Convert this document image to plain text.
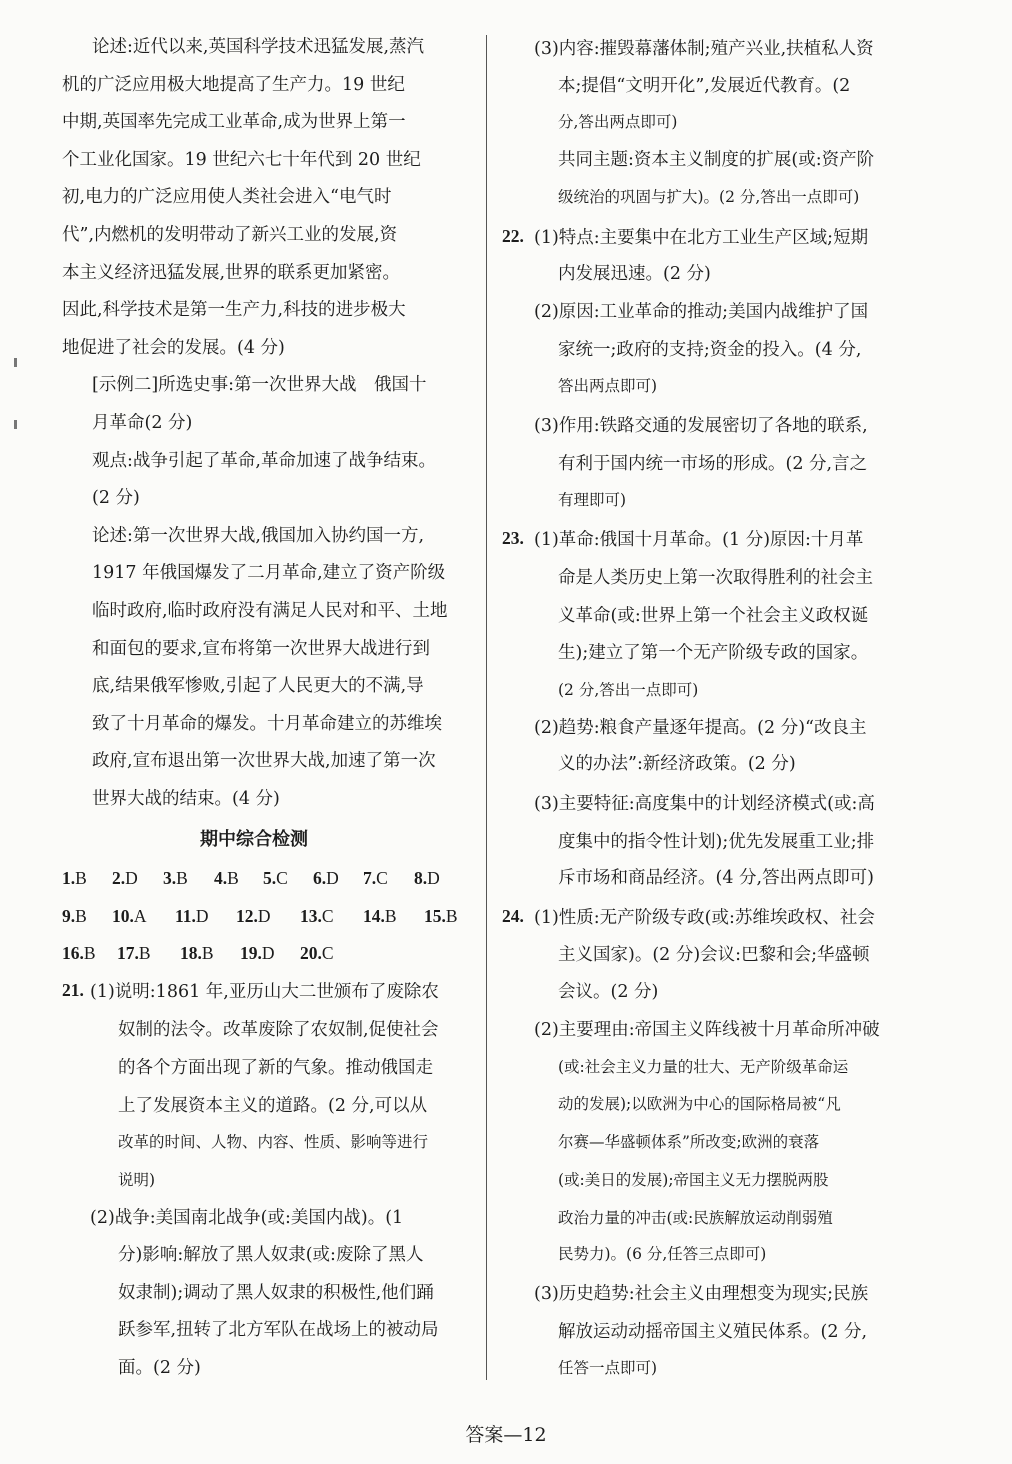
答案—12
论述:近代以来,英国科学技术迅猛发展,蒸汽
机的广泛应用极大地提高了生产力。19 世纪
中期,英国率先完成工业革命,成为世界上第一
个工业化国家。19 世纪六七十年代到 20 世纪
初,电力的广泛应用使人类社会进入“电气时
代”,内燃机的发明带动了新兴工业的发展,资
本主义经济迅猛发展,世界的联系更加紧密。
因此,科学技术是第一生产力,科技的进步极大
地促进了社会的发展。(4 分)
[示例二]所选史事:第一次世界大战　俄国十
月革命(2 分)
观点:战争引起了革命,革命加速了战争结束。
(2 分)
论述:第一次世界大战,俄国加入协约国一方,
1917 年俄国爆发了二月革命,建立了资产阶级
临时政府,临时政府没有满足人民对和平、土地
和面包的要求,宣布将第一次世界大战进行到
底,结果俄军惨败,引起了人民更大的不满,导
致了十月革命的爆发。十月革命建立的苏维埃
政府,宣布退出第一次世界大战,加速了第一次
世界大战的结束。(4 分)
期中综合检测
1.B 2.D 3.B 4.B 5.C 6.D 7.C 8.D
9.B 10.A 11.D 12.D 13.C 14.B 15.B
16.B 17.B 18.B 19.D 20.C
21. (1)说明:1861 年,亚历山大二世颁布了废除农
奴制的法令。改革废除了农奴制,促使社会
的各个方面出现了新的气象。推动俄国走
上了发展资本主义的道路。(2 分,可以从
改革的时间、人物、内容、性质、影响等进行
说明)
(2)战争:美国南北战争(或:美国内战)。(1
分)影响:解放了黑人奴隶(或:废除了黑人
奴隶制);调动了黑人奴隶的积极性,他们踊
跃参军,扭转了北方军队在战场上的被动局
面。(2 分)
(3)内容:摧毁幕藩体制;殖产兴业,扶植私人资
本;提倡“文明开化”,发展近代教育。(2
分,答出两点即可)
共同主题:资本主义制度的扩展(或:资产阶
级统治的巩固与扩大)。(2 分,答出一点即可)
22. (1)特点:主要集中在北方工业生产区域;短期
内发展迅速。(2 分)
(2)原因:工业革命的推动;美国内战维护了国
家统一;政府的支持;资金的投入。(4 分,
答出两点即可)
(3)作用:铁路交通的发展密切了各地的联系,
有利于国内统一市场的形成。(2 分,言之
有理即可)
23. (1)革命:俄国十月革命。(1 分)原因:十月革
命是人类历史上第一次取得胜利的社会主
义革命(或:世界上第一个社会主义政权诞
生);建立了第一个无产阶级专政的国家。
(2 分,答出一点即可)
(2)趋势:粮食产量逐年提高。(2 分)“改良主
义的办法”:新经济政策。(2 分)
(3)主要特征:高度集中的计划经济模式(或:高
度集中的指令性计划);优先发展重工业;排
斥市场和商品经济。(4 分,答出两点即可)
24. (1)性质:无产阶级专政(或:苏维埃政权、社会
主义国家)。(2 分)会议:巴黎和会;华盛顿
会议。(2 分)
(2)主要理由:帝国主义阵线被十月革命所冲破
(或:社会主义力量的壮大、无产阶级革命运
动的发展);以欧洲为中心的国际格局被“凡
尔赛—华盛顿体系”所改变;欧洲的衰落
(或:美日的发展);帝国主义无力摆脱两股
政治力量的冲击(或:民族解放运动削弱殖
民势力)。(6 分,任答三点即可)
(3)历史趋势:社会主义由理想变为现实;民族
解放运动动摇帝国主义殖民体系。(2 分,
任答一点即可)
